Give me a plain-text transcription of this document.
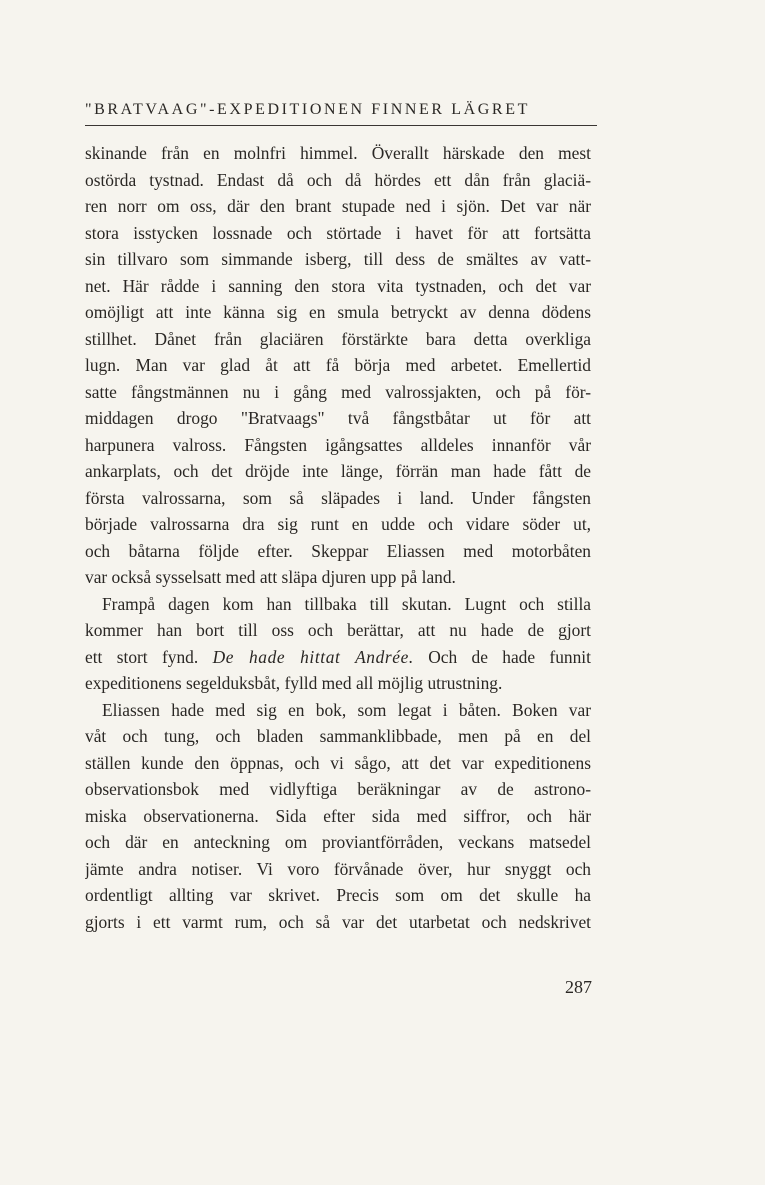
"BRATVAAG"-EXPEDITIONEN FINNER LÄGRET
skinande från en molnfri himmel. Överallt härskade den mest
ostörda tystnad. Endast då och då hördes ett dån från glaciä-
ren norr om oss, där den brant stupade ned i sjön. Det var när
stora isstycken lossnade och störtade i havet för att fortsätta
sin tillvaro som simmande isberg, till dess de smältes av vatt-
net. Här rådde i sanning den stora vita tystnaden, och det var
omöjligt att inte känna sig en smula betryckt av denna dödens
stillhet. Dånet från glaciären förstärkte bara detta overkliga
lugn. Man var glad åt att få börja med arbetet. Emellertid
satte fångstmännen nu i gång med valrossjakten, och på för-
middagen drogo "Bratvaags" två fångstbåtar ut för att
harpunera valross. Fångsten igångsattes alldeles innanför vår
ankarplats, och det dröjde inte länge, förrän man hade fått de
första valrossarna, som så släpades i land. Under fångsten
började valrossarna dra sig runt en udde och vidare söder ut,
och båtarna följde efter. Skeppar Eliassen med motorbåten
var också sysselsatt med att släpa djuren upp på land.
Frampå dagen kom han tillbaka till skutan. Lugnt och stilla
kommer han bort till oss och berättar, att nu hade de gjort
ett stort fynd. De hade hittat Andrée. Och de hade funnit
expeditionens segelduksbåt, fylld med all möjlig utrustning.
Eliassen hade med sig en bok, som legat i båten. Boken var
våt och tung, och bladen sammanklibbade, men på en del
ställen kunde den öppnas, och vi sågo, att det var expeditionens
observationsbok med vidlyftiga beräkningar av de astrono-
miska observationerna. Sida efter sida med siffror, och här
och där en anteckning om proviantförråden, veckans matsedel
jämte andra notiser. Vi voro förvånade över, hur snyggt och
ordentligt allting var skrivet. Precis som om det skulle ha
gjorts i ett varmt rum, och så var det utarbetat och nedskrivet
287
